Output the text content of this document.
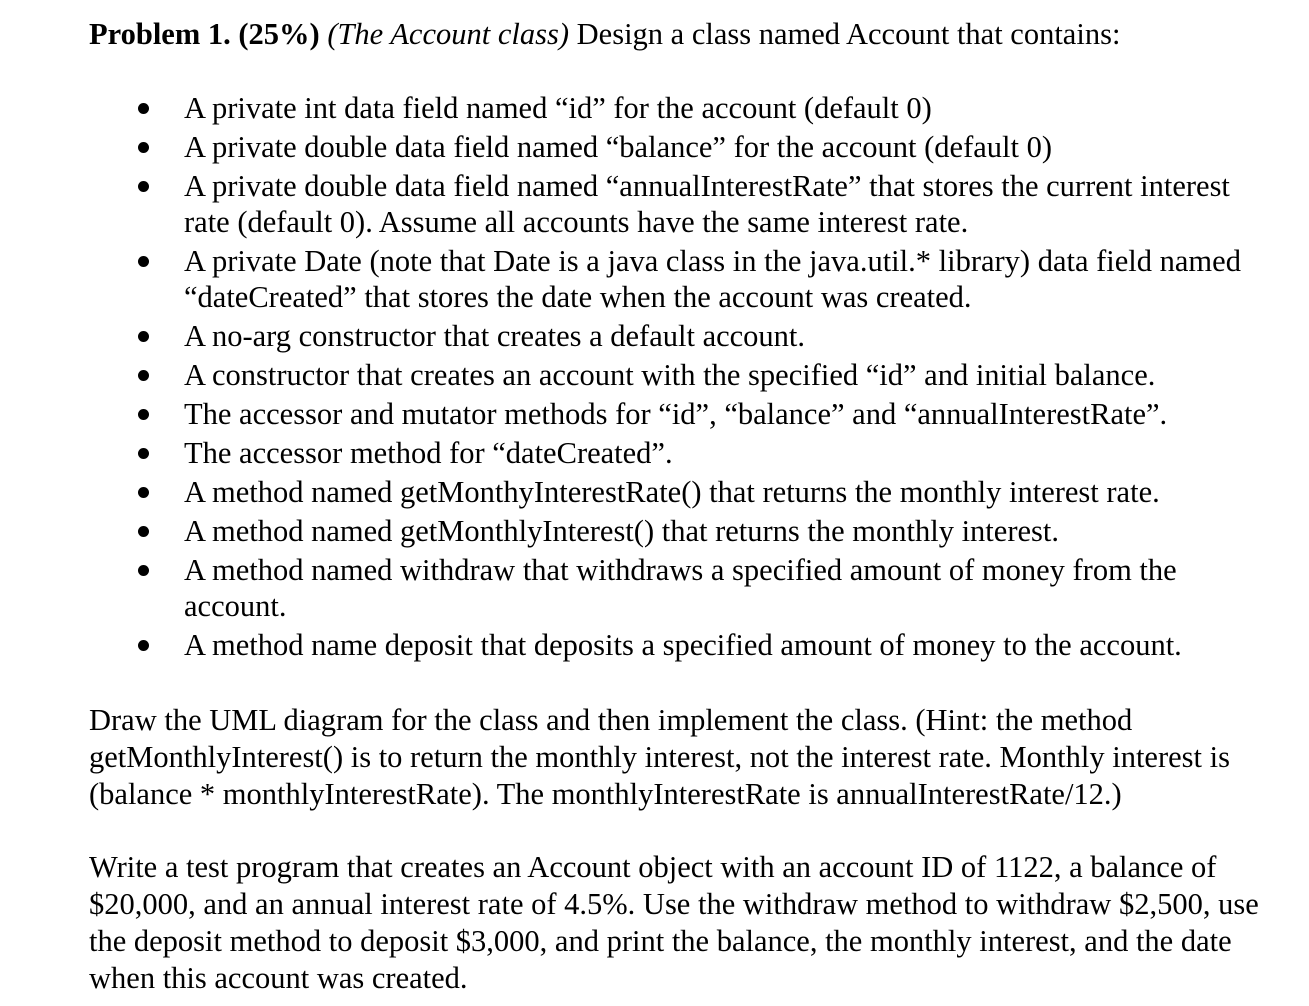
Problem 1. (25%) (The Account class) Design a class named Account that contains:
A private int data field named “id” for the account (default 0)
A private double data field named “balance” for the account (default 0)
A private double data field named “annualInterestRate” that stores the current interest
rate (default 0). Assume all accounts have the same interest rate.
A private Date (note that Date is a java class in the java.util.* library) data field named
“dateCreated” that stores the date when the account was created.
A no-arg constructor that creates a default account.
A constructor that creates an account with the specified “id” and initial balance.
The accessor and mutator methods for “id”, “balance” and “annualInterestRate”.
The accessor method for “dateCreated”.
A method named getMonthyInterestRate() that returns the monthly interest rate.
A method named getMonthlyInterest() that returns the monthly interest.
A method named withdraw that withdraws a specified amount of money from the
account.
A method name deposit that deposits a specified amount of money to the account.

Draw the UML diagram for the class and then implement the class. (Hint: the method
getMonthlyInterest() is to return the monthly interest, not the interest rate. Monthly interest is
(balance * monthlyInterestRate). The monthlyInterestRate is annualInterestRate/12.)

Write a test program that creates an Account object with an account ID of 1122, a balance of
$20,000, and an annual interest rate of 4.5%. Use the withdraw method to withdraw $2,500, use
the deposit method to deposit $3,000, and print the balance, the monthly interest, and the date
when this account was created.
